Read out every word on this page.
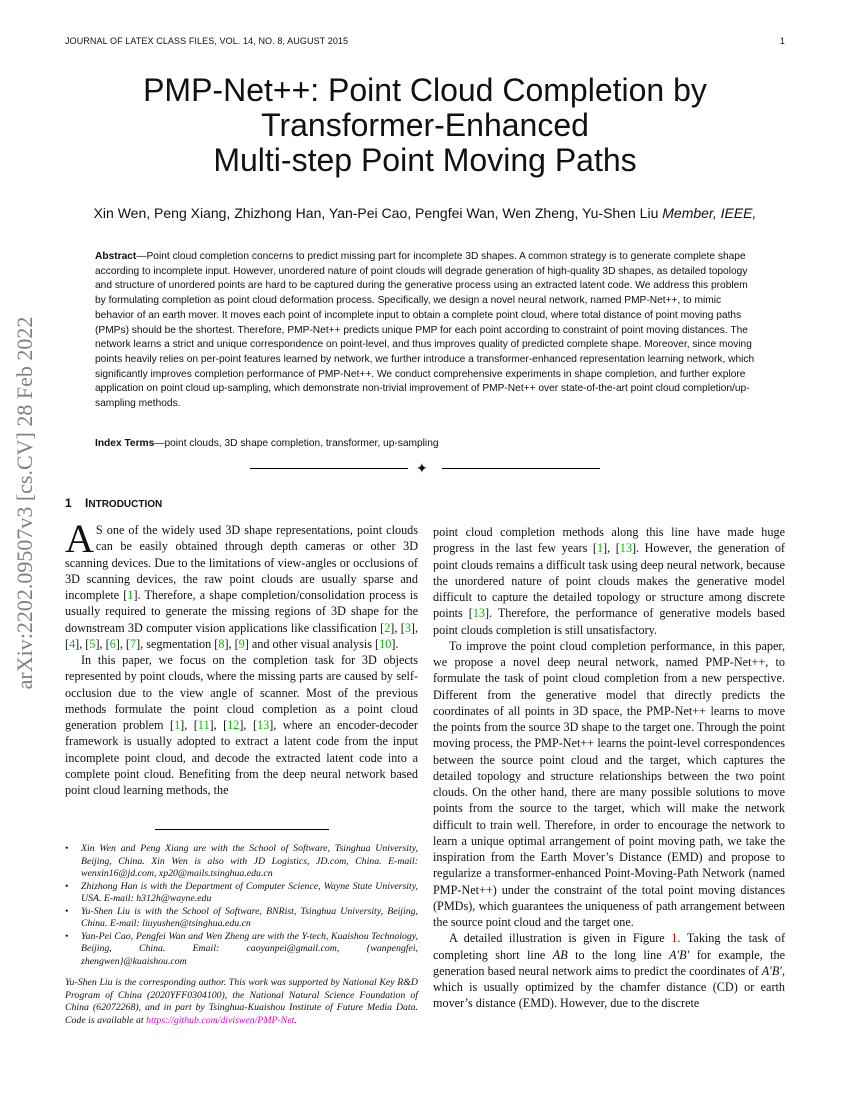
JOURNAL OF LATEX CLASS FILES, VOL. 14, NO. 8, AUGUST 2015	1
arXiv:2202.09507v3 [cs.CV] 28 Feb 2022
PMP-Net++: Point Cloud Completion by
Transformer-Enhanced
Multi-step Point Moving Paths
Xin Wen, Peng Xiang, Zhizhong Han, Yan-Pei Cao, Pengfei Wan, Wen Zheng, Yu-Shen Liu Member, IEEE,
Abstract—Point cloud completion concerns to predict missing part for incomplete 3D shapes. A common strategy is to generate complete shape according to incomplete input. However, unordered nature of point clouds will degrade generation of high-quality 3D shapes, as detailed topology and structure of unordered points are hard to be captured during the generative process using an extracted latent code. We address this problem by formulating completion as point cloud deformation process. Specifically, we design a novel neural network, named PMP-Net++, to mimic behavior of an earth mover. It moves each point of incomplete input to obtain a complete point cloud, where total distance of point moving paths (PMPs) should be the shortest. Therefore, PMP-Net++ predicts unique PMP for each point according to constraint of point moving distances. The network learns a strict and unique correspondence on point-level, and thus improves quality of predicted complete shape. Moreover, since moving points heavily relies on per-point features learned by network, we further introduce a transformer-enhanced representation learning network, which significantly improves completion performance of PMP-Net++. We conduct comprehensive experiments in shape completion, and further explore application on point cloud up-sampling, which demonstrate non-trivial improvement of PMP-Net++ over state-of-the-art point cloud completion/up-sampling methods.
Index Terms—point clouds, 3D shape completion, transformer, up-sampling
✦
1 INTRODUCTION

A S one of the widely used 3D shape representations, point clouds can be easily obtained through depth cameras or other 3D scanning devices. Due to the limitations of view-angles or occlusions of 3D scanning devices, the raw point clouds are usually sparse and incomplete [1]. Therefore, a shape completion/consolidation process is usually required to generate the missing regions of 3D shape for the downstream 3D computer vision applications like classification [2], [3], [4], [5], [6], [7], segmentation [8], [9] and other visual analysis [10].

In this paper, we focus on the completion task for 3D objects represented by point clouds, where the missing parts are caused by self-occlusion due to the view angle of scanner. Most of the previous methods formulate the point cloud completion as a point cloud generation problem [1], [11], [12], [13], where an encoder-decoder framework is usually adopted to extract a latent code from the input incomplete point cloud, and decode the extracted latent code into a complete point cloud. Benefiting from the deep neural network based point cloud learning methods, the

point cloud completion methods along this line have made huge progress in the last few years [1], [13]. However, the generation of point clouds remains a difficult task using deep neural network, because the unordered nature of point clouds makes the generative model difficult to capture the detailed topology or structure among discrete points [13]. Therefore, the performance of generative models based point clouds completion is still unsatisfactory.

To improve the point cloud completion performance, in this paper, we propose a novel deep neural network, named PMP-Net++, to formulate the task of point cloud completion from a new perspective. Different from the generative model that directly predicts the coordinates of all points in 3D space, the PMP-Net++ learns to move the points from the source 3D shape to the target one. Through the point moving process, the PMP-Net++ learns the point-level correspondences between the source point cloud and the target, which captures the detailed topology and structure relationships between the two point clouds. On the other hand, there are many possible solutions to move points from the source to the target, which will make the network difficult to train well. Therefore, in order to encourage the network to learn a unique optimal arrangement of point moving path, we take the inspiration from the Earth Mover’s Distance (EMD) and propose to regularize a transformer-enhanced Point-Moving-Path Network (named PMP-Net++) under the constraint of the total point moving distances (PMDs), which guarantees the uniqueness of path arrangement between the source point cloud and the target one.

A detailed illustration is given in Figure 1. Taking the task of completing short line AB to the long line A′B′ for example, the generation based neural network aims to predict the coordinates of A′B′, which is usually optimized by the chamfer distance (CD) or earth mover’s distance (EMD). However, due to the discrete

• Xin Wen and Peng Xiang are with the School of Software, Tsinghua University, Beijing, China. Xin Wen is also with JD Logistics, JD.com, China. E-mail: wenxin16@jd.com, xp20@mails.tsinghua.edu.cn
• Zhizhong Han is with the Department of Computer Science, Wayne State University, USA. E-mail: h312h@wayne.edu
• Yu-Shen Liu is with the School of Software, BNRist, Tsinghua University, Beijing, China. E-mail: liuyushen@tsinghua.edu.cn
• Yan-Pei Cao, Pengfei Wan and Wen Zheng are with the Y-tech, Kuaishou Technology, Beijing, China. Email: caoyanpei@gmail.com, {wanpengfei, zhengwen}@kuaishou.com

Yu-Shen Liu is the corresponding author. This work was supported by National Key R&D Program of China (2020YFF0304100), the National Natural Science Foundation of China (62072268), and in part by Tsinghua-Kuaishou Institute of Future Media Data. Code is available at https://github.com/diviswen/PMP-Net.
